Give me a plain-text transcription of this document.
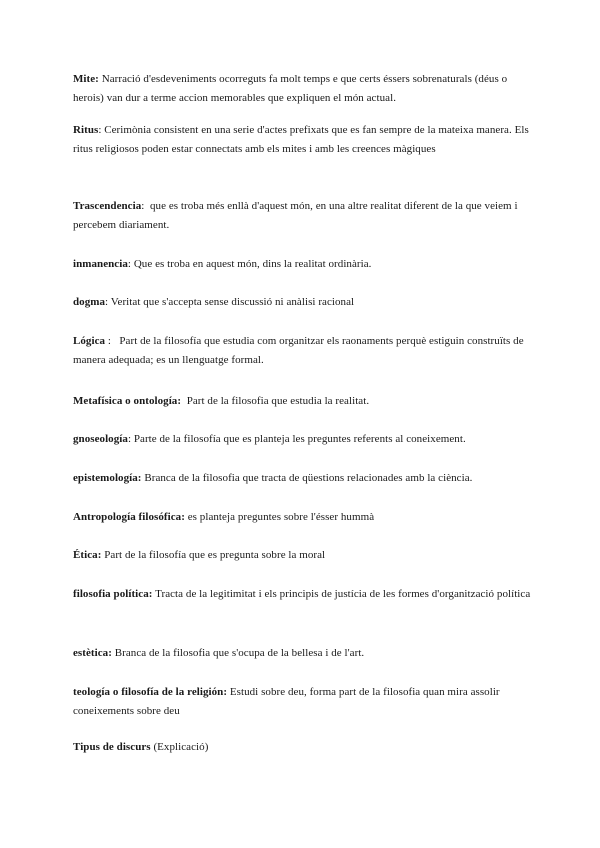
Mite: Narració d'esdeveniments ocorreguts fa molt temps e que certs éssers sobrenaturals (déus o herois) van dur a terme accion memorables que expliquen el món actual.

Ritus: Cerimònia consistent en una serie d'actes prefixats que es fan sempre de la mateixa manera. Els ritus religiosos poden estar connectats amb els mites i amb les creences màgiques

Trascendencia:  que es troba més enllà d'aquest món, en una altre realitat diferent de la que veiem i percebem diariament.

inmanencia: Que es troba en aquest món, dins la realitat ordinària.

dogma: Veritat que s'accepta sense discussió ni anàlisi racional

Lógica :   Part de la filosofía que estudia com organitzar els raonaments perquè estiguin construïts de manera adequada; es un llenguatge formal.

Metafísica o ontología: Part de la filosofia que estudia la realitat.

gnoseología: Parte de la filosofía que es planteja les preguntes referents al coneixement.

epistemología: Branca de la filosofia que tracta de qüestions relacionades amb la ciència.

Antropología filosófica: es planteja preguntes sobre l'ésser hummà

Ética: Part de la filosofía que es pregunta sobre la moral

filosofia política: Tracta de la legitimitat i els principis de justícia de les formes d'organització política

estètica: Branca de la filosofia que s'ocupa de la bellesa i de l'art.

teología o filosofía de la religión: Estudi sobre deu, forma part de la filosofia quan mira assolir coneixements sobre deu

Tipus de discurs (Explicació)
